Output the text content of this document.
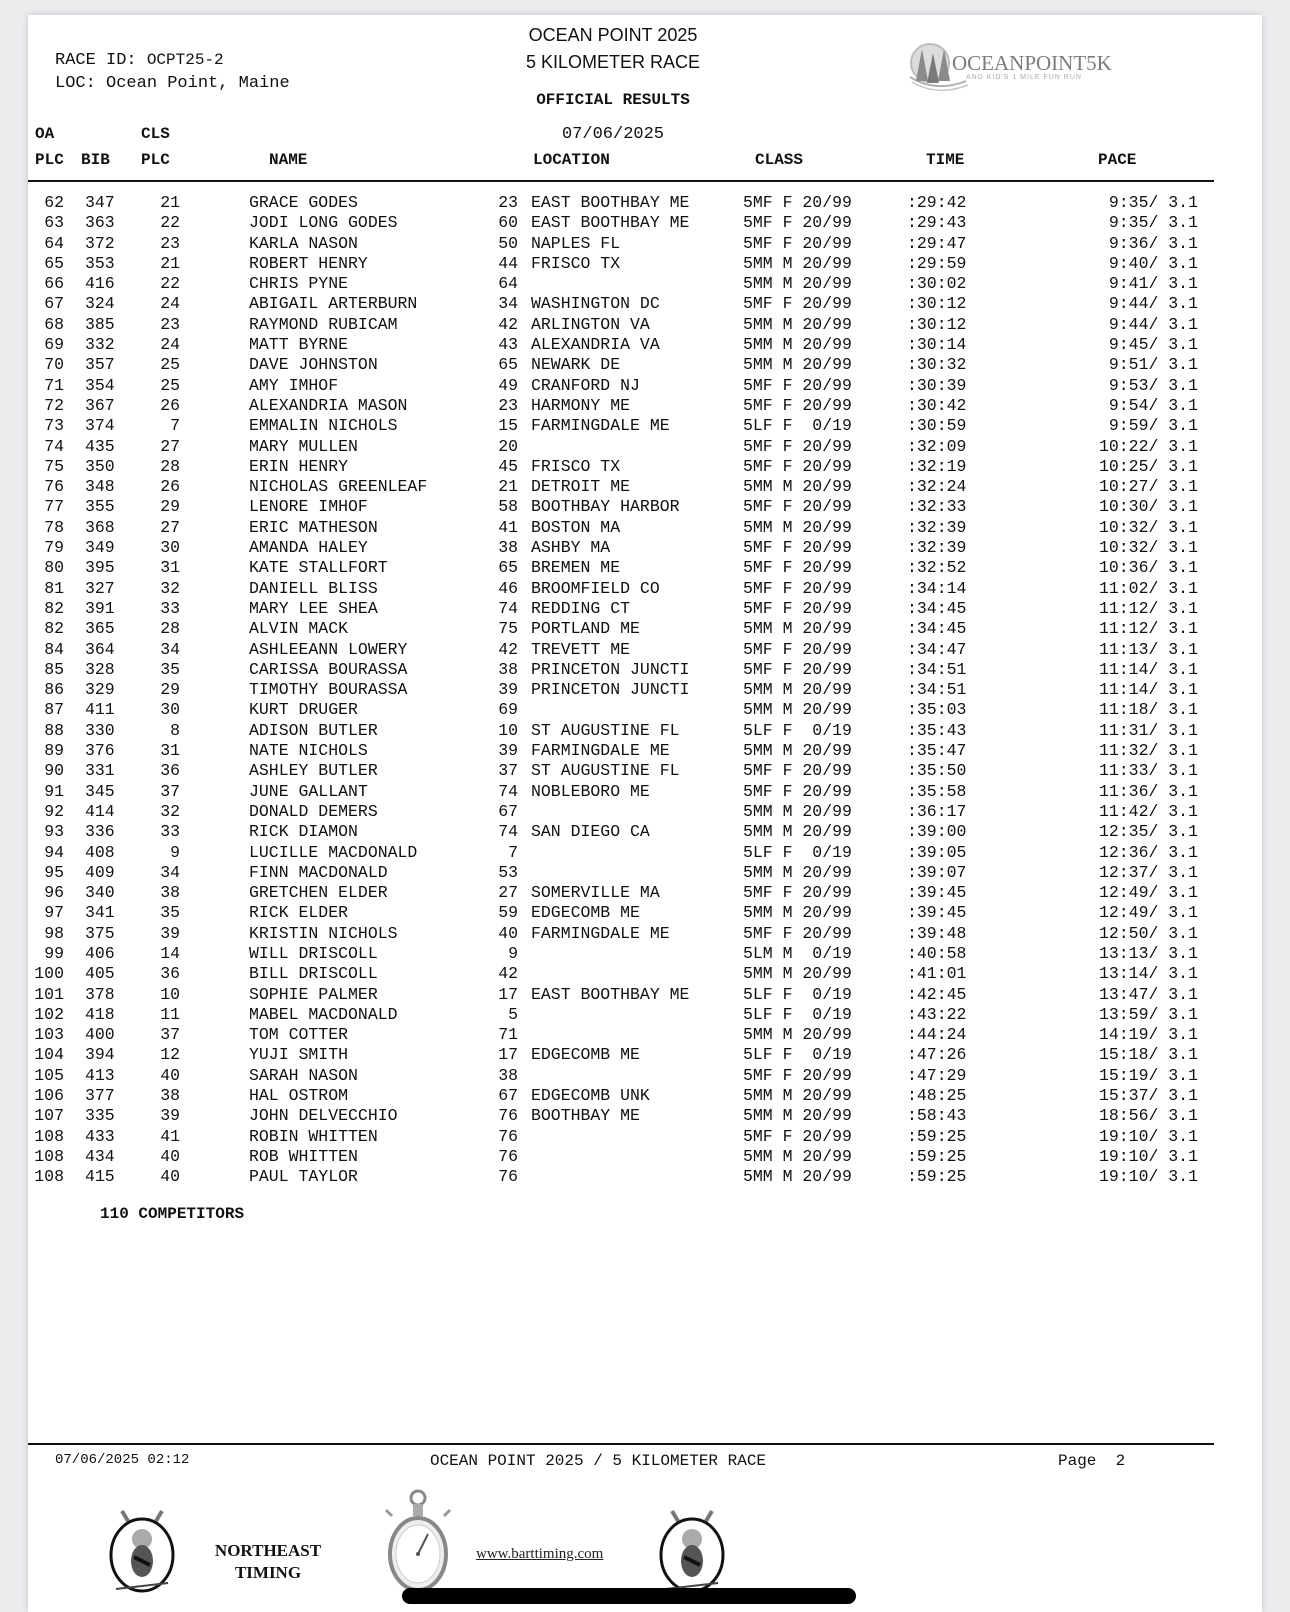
RACE ID: OCPT25-2
LOC: Ocean Point, Maine
OCEAN POINT 2025
5 KILOMETER RACE
OFFICIAL RESULTS
07/06/2025
OCEANPOINT5K
AND KID'S 1 MILE FUN RUN
OA	CLS
PLC BIB PLC	NAME	LOCATION	CLASS	TIME	PACE
62 347	21	GRACE GODES	23 EAST BOOTHBAY ME	5MF F 20/99	:29:42	9:35/ 3.1
63 363	22	JODI LONG GODES	60 EAST BOOTHBAY ME	5MF F 20/99	:29:43	9:35/ 3.1
64 372	23	KARLA NASON	50 NAPLES FL	5MF F 20/99	:29:47	9:36/ 3.1
65 353	21	ROBERT HENRY	44 FRISCO TX	5MM M 20/99	:29:59	9:40/ 3.1
66 416	22	CHRIS PYNE	64	5MM M 20/99	:30:02	9:41/ 3.1
67 324	24	ABIGAIL ARTERBURN	34 WASHINGTON DC	5MF F 20/99	:30:12	9:44/ 3.1
68 385	23	RAYMOND RUBICAM	42 ARLINGTON VA	5MM M 20/99	:30:12	9:44/ 3.1
69 332	24	MATT BYRNE	43 ALEXANDRIA VA	5MM M 20/99	:30:14	9:45/ 3.1
70 357	25	DAVE JOHNSTON	65 NEWARK DE	5MM M 20/99	:30:32	9:51/ 3.1
71 354	25	AMY IMHOF	49 CRANFORD NJ	5MF F 20/99	:30:39	9:53/ 3.1
72 367	26	ALEXANDRIA MASON	23 HARMONY ME	5MF F 20/99	:30:42	9:54/ 3.1
73 374	7	EMMALIN NICHOLS	15 FARMINGDALE ME	5LF F  0/19	:30:59	9:59/ 3.1
74 435	27	MARY MULLEN	20	5MF F 20/99	:32:09	10:22/ 3.1
75 350	28	ERIN HENRY	45 FRISCO TX	5MF F 20/99	:32:19	10:25/ 3.1
76 348	26	NICHOLAS GREENLEAF	21 DETROIT ME	5MM M 20/99	:32:24	10:27/ 3.1
77 355	29	LENORE IMHOF	58 BOOTHBAY HARBOR	5MF F 20/99	:32:33	10:30/ 3.1
78 368	27	ERIC MATHESON	41 BOSTON MA	5MM M 20/99	:32:39	10:32/ 3.1
79 349	30	AMANDA HALEY	38 ASHBY MA	5MF F 20/99	:32:39	10:32/ 3.1
80 395	31	KATE STALLFORT	65 BREMEN ME	5MF F 20/99	:32:52	10:36/ 3.1
81 327	32	DANIELL BLISS	46 BROOMFIELD CO	5MF F 20/99	:34:14	11:02/ 3.1
82 391	33	MARY LEE SHEA	74 REDDING CT	5MF F 20/99	:34:45	11:12/ 3.1
82 365	28	ALVIN MACK	75 PORTLAND ME	5MM M 20/99	:34:45	11:12/ 3.1
84 364	34	ASHLEEANN LOWERY	42 TREVETT ME	5MF F 20/99	:34:47	11:13/ 3.1
85 328	35	CARISSA BOURASSA	38 PRINCETON JUNCTI	5MF F 20/99	:34:51	11:14/ 3.1
86 329	29	TIMOTHY BOURASSA	39 PRINCETON JUNCTI	5MM M 20/99	:34:51	11:14/ 3.1
87 411	30	KURT DRUGER	69	5MM M 20/99	:35:03	11:18/ 3.1
88 330	8	ADISON BUTLER	10 ST AUGUSTINE FL	5LF F  0/19	:35:43	11:31/ 3.1
89 376	31	NATE NICHOLS	39 FARMINGDALE ME	5MM M 20/99	:35:47	11:32/ 3.1
90 331	36	ASHLEY BUTLER	37 ST AUGUSTINE FL	5MF F 20/99	:35:50	11:33/ 3.1
91 345	37	JUNE GALLANT	74 NOBLEBORO ME	5MF F 20/99	:35:58	11:36/ 3.1
92 414	32	DONALD DEMERS	67	5MM M 20/99	:36:17	11:42/ 3.1
93 336	33	RICK DIAMON	74 SAN DIEGO CA	5MM M 20/99	:39:00	12:35/ 3.1
94 408	9	LUCILLE MACDONALD	7	5LF F  0/19	:39:05	12:36/ 3.1
95 409	34	FINN MACDONALD	53	5MM M 20/99	:39:07	12:37/ 3.1
96 340	38	GRETCHEN ELDER	27 SOMERVILLE MA	5MF F 20/99	:39:45	12:49/ 3.1
97 341	35	RICK ELDER	59 EDGECOMB ME	5MM M 20/99	:39:45	12:49/ 3.1
98 375	39	KRISTIN NICHOLS	40 FARMINGDALE ME	5MF F 20/99	:39:48	12:50/ 3.1
99 406	14	WILL DRISCOLL	9	5LM M  0/19	:40:58	13:13/ 3.1
100 405	36	BILL DRISCOLL	42	5MM M 20/99	:41:01	13:14/ 3.1
101 378	10	SOPHIE PALMER	17 EAST BOOTHBAY ME	5LF F  0/19	:42:45	13:47/ 3.1
102 418	11	MABEL MACDONALD	5	5LF F  0/19	:43:22	13:59/ 3.1
103 400	37	TOM COTTER	71	5MM M 20/99	:44:24	14:19/ 3.1
104 394	12	YUJI SMITH	17 EDGECOMB ME	5LF F  0/19	:47:26	15:18/ 3.1
105 413	40	SARAH NASON	38	5MF F 20/99	:47:29	15:19/ 3.1
106 377	38	HAL OSTROM	67 EDGECOMB UNK	5MM M 20/99	:48:25	15:37/ 3.1
107 335	39	JOHN DELVECCHIO	76 BOOTHBAY ME	5MM M 20/99	:58:43	18:56/ 3.1
108 433	41	ROBIN WHITTEN	76	5MF F 20/99	:59:25	19:10/ 3.1
108 434	40	ROB WHITTEN	76	5MM M 20/99	:59:25	19:10/ 3.1
108 415	40	PAUL TAYLOR	76	5MM M 20/99	:59:25	19:10/ 3.1
110 COMPETITORS
07/06/2025 02:12	OCEAN POINT 2025 / 5 KILOMETER RACE	Page 2
NORTHEAST
TIMING
www.barttiming.com
